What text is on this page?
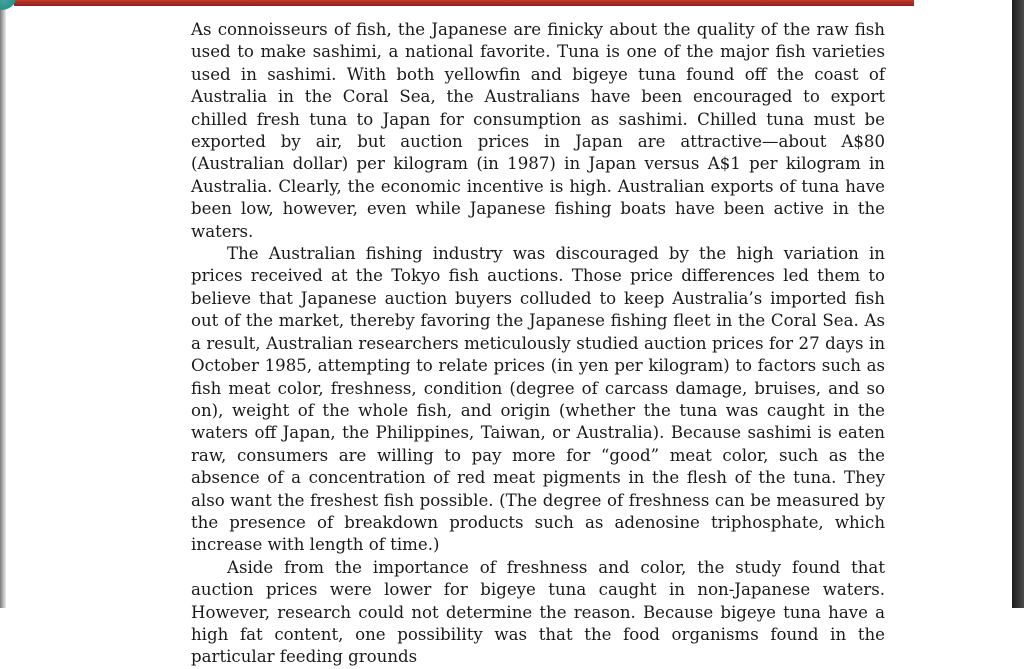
As connoisseurs of fish, the Japanese are finicky about the quality of the raw fish used to make sashimi, a national favorite. Tuna is one of the major fish varieties used in sashimi. With both yellowfin and bigeye tuna found off the coast of Australia in the Coral Sea, the Australians have been encouraged to export chilled fresh tuna to Japan for consumption as sashimi. Chilled tuna must be exported by air, but auction prices in Japan are attractive—about A$80 (Australian dollar) per kilogram (in 1987) in Japan versus A$1 per kilogram in Australia. Clearly, the economic incentive is high. Australian exports of tuna have been low, however, even while Japanese fishing boats have been active in the waters.

The Australian fishing industry was discouraged by the high variation in prices received at the Tokyo fish auctions. Those price differences led them to believe that Japanese auction buyers colluded to keep Australia’s imported fish out of the market, thereby favoring the Japanese fishing fleet in the Coral Sea. As a result, Australian researchers meticulously studied auction prices for 27 days in October 1985, attempting to relate prices (in yen per kilogram) to factors such as fish meat color, freshness, condition (degree of carcass damage, bruises, and so on), weight of the whole fish, and origin (whether the tuna was caught in the waters off Japan, the Philippines, Taiwan, or Australia). Because sashimi is eaten raw, consumers are willing to pay more for “good” meat color, such as the absence of a concentration of red meat pigments in the flesh of the tuna. They also want the freshest fish possible. (The degree of freshness can be measured by the presence of breakdown products such as adenosine triphosphate, which increase with length of time.)

Aside from the importance of freshness and color, the study found that auction prices were lower for bigeye tuna caught in non-Japanese waters. However, research could not determine the reason. Because bigeye tuna have a high fat content, one possibility was that the food organisms found in the particular feeding grounds
